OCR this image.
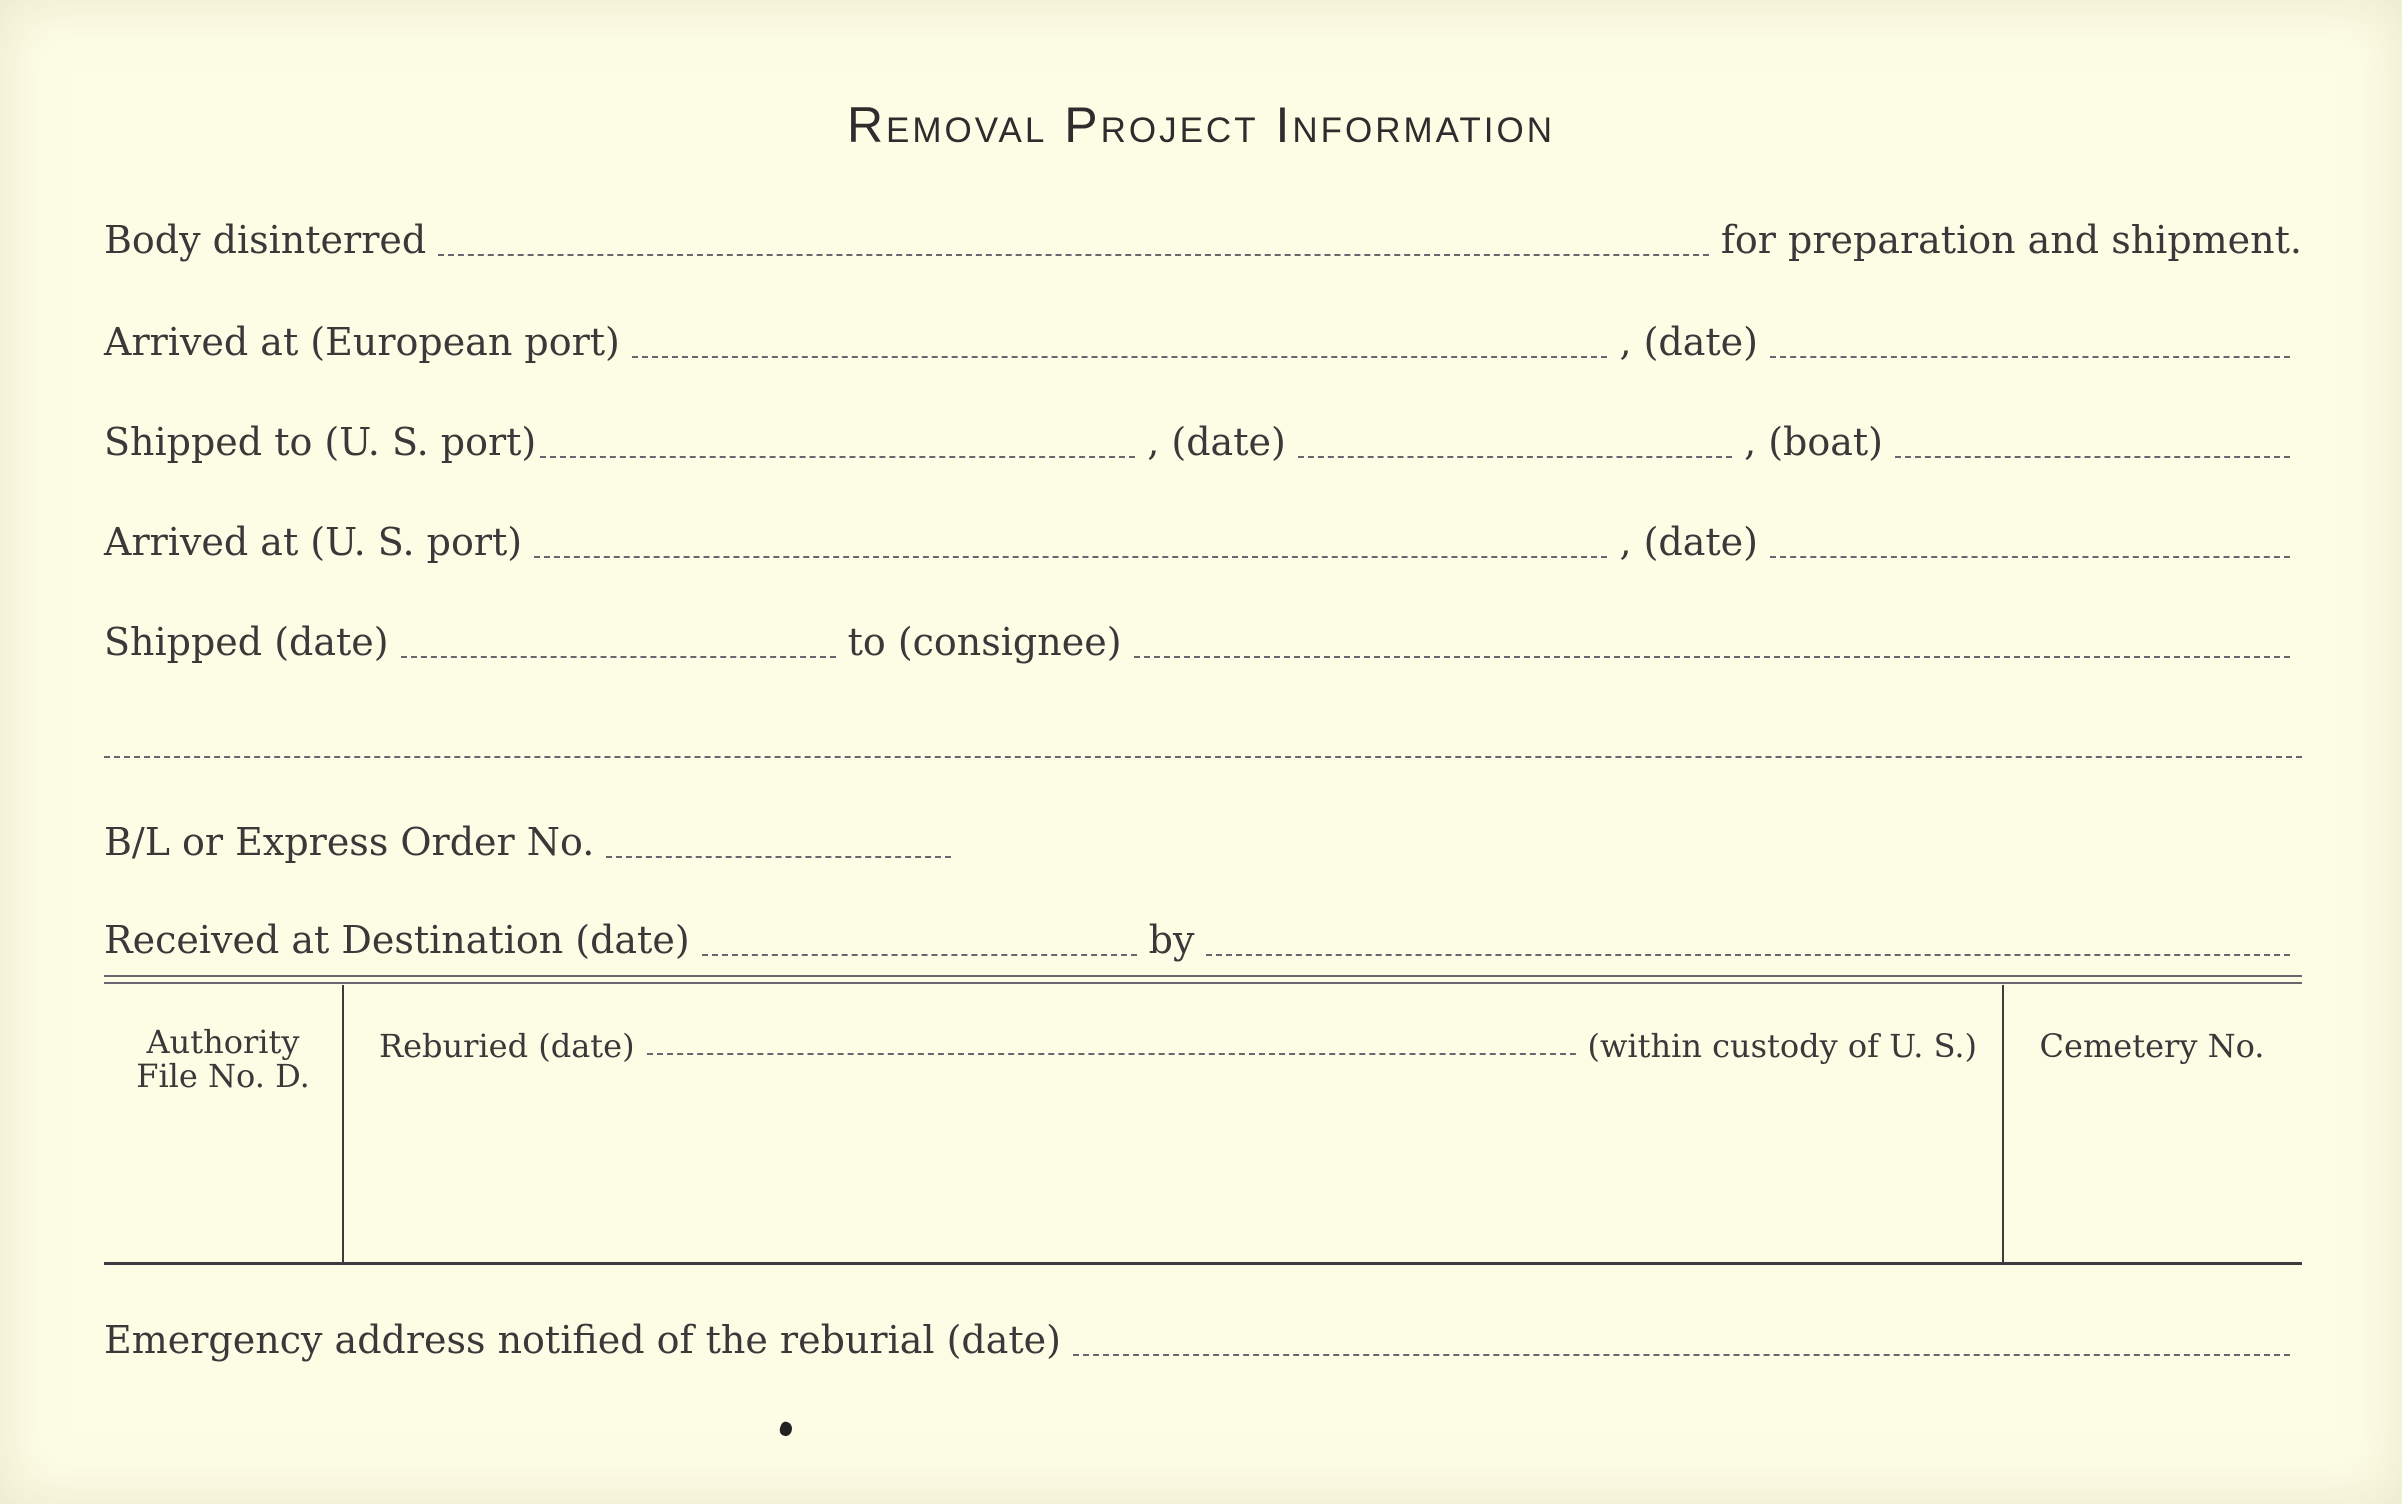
Removal Project Information
Body disinterred	for preparation and shipment.
Arrived at (European port)	, (date)
Shipped to (U. S. port)	, (date)	, (boat)
Arrived at (U. S. port)	, (date)
Shipped (date)	to (consignee)
B/L or Express Order No.
Received at Destination (date)	by
Authority
File No. D.
Reburied (date)	(within custody of U. S.)	Cemetery No.
Emergency address notified of the reburial (date)
